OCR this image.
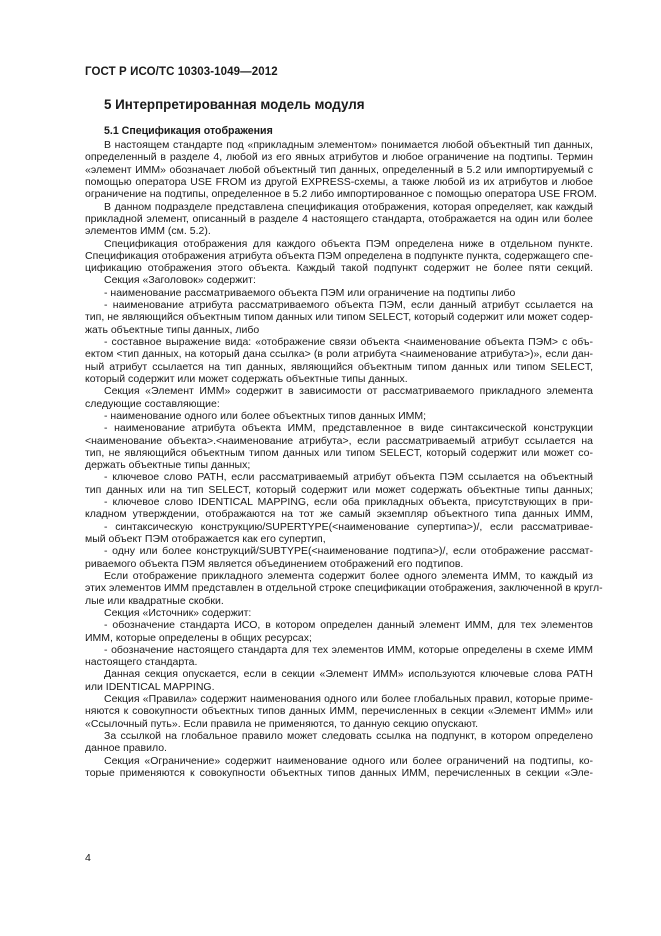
ГОСТ Р ИСО/ТС 10303-1049—2012
5 Интерпретированная модель модуля
5.1 Спецификация отображения
В настоящем стандарте под «прикладным элементом» понимается любой объектный тип данных,
определенный в разделе 4, любой из его явных атрибутов и любое ограничение на подтипы. Термин
«элемент ИММ» обозначает любой объектный тип данных, определенный в 5.2 или импортируемый с
помощью оператора USE FROM из другой EXPRESS-схемы, а также любой из их атрибутов и любое
ограничение на подтипы, определенное в 5.2 либо импортированное с помощью оператора USE FROM.
В данном подразделе представлена спецификация отображения, которая определяет, как каждый
прикладной элемент, описанный в разделе 4 настоящего стандарта, отображается на один или более
элементов ИММ (см. 5.2).
Спецификация отображения для каждого объекта ПЭМ определена ниже в отдельном пункте.
Спецификация отображения атрибута объекта ПЭМ определена в подпункте пункта, содержащего спе-
цификацию отображения этого объекта. Каждый такой подпункт содержит не более пяти секций.
Секция «Заголовок» содержит:
- наименование рассматриваемого объекта ПЭМ или ограничение на подтипы либо
- наименование атрибута рассматриваемого объекта ПЭМ, если данный атрибут ссылается на
тип, не являющийся объектным типом данных или типом SELECT, который содержит или может содер-
жать объектные типы данных, либо
- составное выражение вида: «отображение связи объекта <наименование объекта ПЭМ> с объ-
ектом <тип данных, на который дана ссылка> (в роли атрибута <наименование атрибута>)», если дан-
ный атрибут ссылается на тип данных, являющийся объектным типом данных или типом SELECT,
который содержит или может содержать объектные типы данных.
Секция «Элемент ИММ» содержит в зависимости от рассматриваемого прикладного элемента
следующие составляющие:
- наименование одного или более объектных типов данных ИММ;
- наименование атрибута объекта ИММ, представленное в виде синтаксической конструкции
<наименование объекта>.<наименование атрибута>, если рассматриваемый атрибут ссылается на
тип, не являющийся объектным типом данных или типом SELECT, который содержит или может со-
держать объектные типы данных;
- ключевое слово PATH, если рассматриваемый атрибут объекта ПЭМ ссылается на объектный
тип данных или на тип SELECT, который содержит или может содержать объектные типы данных;
- ключевое слово IDENTICAL MAPPING, если оба прикладных объекта, присутствующих в при-
кладном утверждении, отображаются на тот же самый экземпляр объектного типа данных ИММ,
- синтаксическую конструкцию/SUPERTYPE(<наименование супертипа>)/, если рассматривае-
мый объект ПЭМ отображается как его супертип,
- одну или более конструкций/SUBTYPE(<наименование подтипа>)/, если отображение рассмат-
риваемого объекта ПЭМ является объединением отображений его подтипов.
Если отображение прикладного элемента содержит более одного элемента ИММ, то каждый из
этих элементов ИММ представлен в отдельной строке спецификации отображения, заключенной в кругл-
лые или квадратные скобки.
Секция «Источник» содержит:
- обозначение стандарта ИСО, в котором определен данный элемент ИММ, для тех элементов
ИММ, которые определены в общих ресурсах;
- обозначение настоящего стандарта для тех элементов ИММ, которые определены в схеме ИММ
настоящего стандарта.
Данная секция опускается, если в секции «Элемент ИММ» используются ключевые слова PATH
или IDENTICAL MAPPING.
Секция «Правила» содержит наименования одного или более глобальных правил, которые приме-
няются к совокупности объектных типов данных ИММ, перечисленных в секции «Элемент ИММ» или
«Ссылочный путь». Если правила не применяются, то данную секцию опускают.
За ссылкой на глобальное правило может следовать ссылка на подпункт, в котором определено
данное правило.
Секция «Ограничение» содержит наименование одного или более ограничений на подтипы, ко-
торые применяются к совокупности объектных типов данных ИММ, перечисленных в секции «Эле-
4
